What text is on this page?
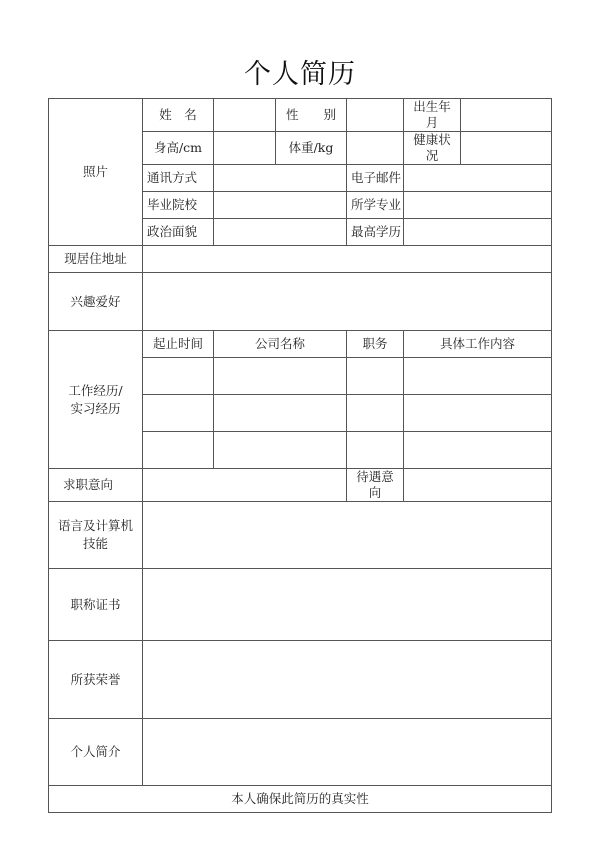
个人简历
照片	姓　名		性　　别		出生年月	
	身高/cm		体重/kg		健康状况	
	通讯方式			电子邮件		
	毕业院校			所学专业		
	政治面貌			最高学历		
现居住地址						
兴趣爱好						
工作经历/实习经历	起止时间	公司名称		职务	具体工作内容	

求职意向				待遇意向		
语言及计算机技能						
职称证书						
所获荣誉						
个人简介						
本人确保此简历的真实性						
